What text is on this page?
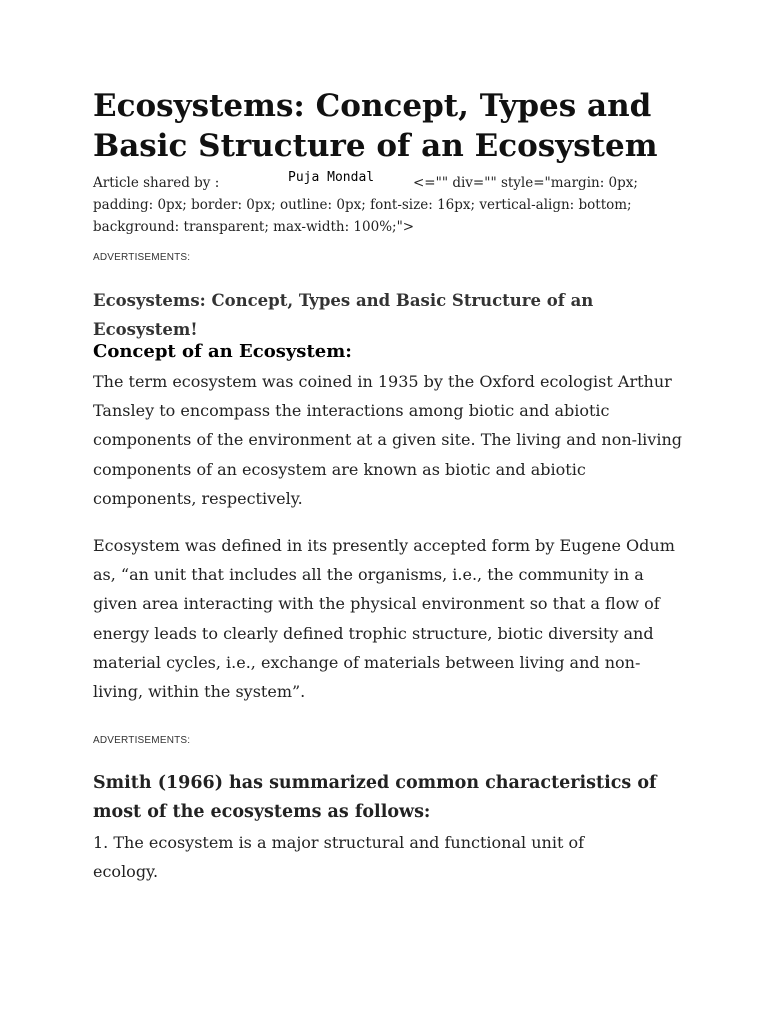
Ecosystems: Concept, Types and Basic Structure of an Ecosystem
Article shared by :	Puja Mondal	<="" div="" style="margin: 0px;
padding: 0px; border: 0px; outline: 0px; font-size: 16px; vertical-align: bottom; background: transparent; max-width: 100%;">
ADVERTISEMENTS:
Ecosystems: Concept, Types and Basic Structure of an Ecosystem!
Concept of an Ecosystem:

The term ecosystem was coined in 1935 by the Oxford ecologist Arthur Tansley to encompass the interactions among biotic and abiotic components of the environment at a given site. The living and non-living components of an ecosystem are known as biotic and abiotic components, respectively.

Ecosystem was defined in its presently accepted form by Eugene Odum as, “an unit that includes all the organisms, i.e., the community in a given area interacting with the physical environment so that a flow of energy leads to clearly defined trophic structure, biotic diversity and material cycles, i.e., exchange of materials between living and non-living, within the system”.

ADVERTISEMENTS:
Smith (1966) has summarized common characteristics of most of the ecosystems as follows:
1. The ecosystem is a major structural and functional unit of ecology.
